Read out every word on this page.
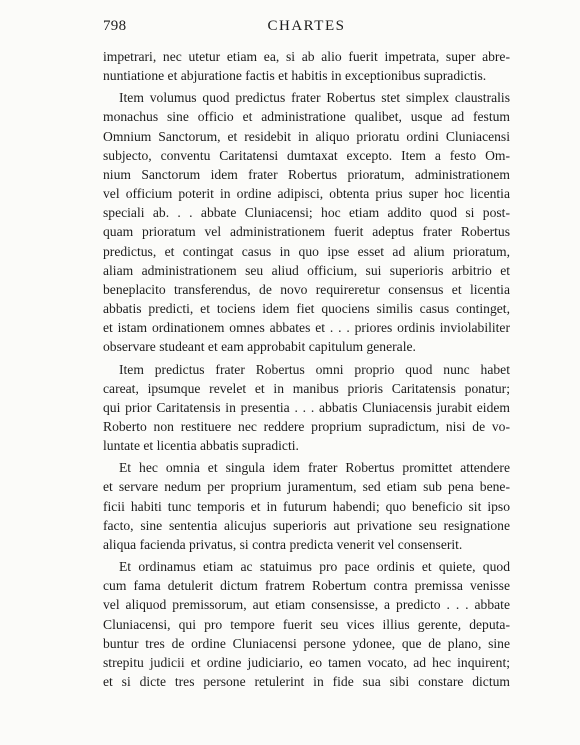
798	CHARTES

impetrari, nec utetur etiam ea, si ab alio fuerit impetrata, super abre-
nuntiatione et abjuratione factis et habitis in exceptionibus supradictis.

Item volumus quod predictus frater Robertus stet simplex claustralis
monachus sine officio et administratione qualibet, usque ad festum
Omnium Sanctorum, et residebit in aliquo prioratu ordini Cluniacensi
subjecto, conventu Caritatensi dumtaxat excepto. Item a festo Om-
nium Sanctorum idem frater Robertus prioratum, administrationem
vel officium poterit in ordine adipisci, obtenta prius super hoc licentia
speciali ab. . . abbate Cluniacensi; hoc etiam addito quod si post-
quam prioratum vel administrationem fuerit adeptus frater Robertus
predictus, et contingat casus in quo ipse esset ad alium prioratum,
aliam administrationem seu aliud officium, sui superioris arbitrio et
beneplacito transferendus, de novo requireretur consensus et licentia
abbatis predicti, et tociens idem fiet quociens similis casus continget,
et istam ordinationem omnes abbates et . . . priores ordinis inviolabiliter
observare studeant et eam approbabit capitulum generale.

Item predictus frater Robertus omni proprio quod nunc habet
careat, ipsumque revelet et in manibus prioris Caritatensis ponatur;
qui prior Caritatensis in presentia . . . abbatis Cluniacensis jurabit eidem
Roberto non restituere nec reddere proprium supradictum, nisi de vo-
luntate et licentia abbatis supradicti.

Et hec omnia et singula idem frater Robertus promittet attendere
et servare nedum per proprium juramentum, sed etiam sub pena bene-
ficii habiti tunc temporis et in futurum habendi; quo beneficio sit ipso
facto, sine sententia alicujus superioris aut privatione seu resignatione
aliqua facienda privatus, si contra predicta venerit vel consenserit.

Et ordinamus etiam ac statuimus pro pace ordinis et quiete, quod
cum fama detulerit dictum fratrem Robertum contra premissa venisse
vel aliquod premissorum, aut etiam consensisse, a predicto . . . abbate
Cluniacensi, qui pro tempore fuerit seu vices illius gerente, deputa-
buntur tres de ordine Cluniacensi persone ydonee, que de plano, sine
strepitu judicii et ordine judiciario, eo tamen vocato, ad hec inquirent;
et si dicte tres persone retulerint in fide sua sibi constare dictum
